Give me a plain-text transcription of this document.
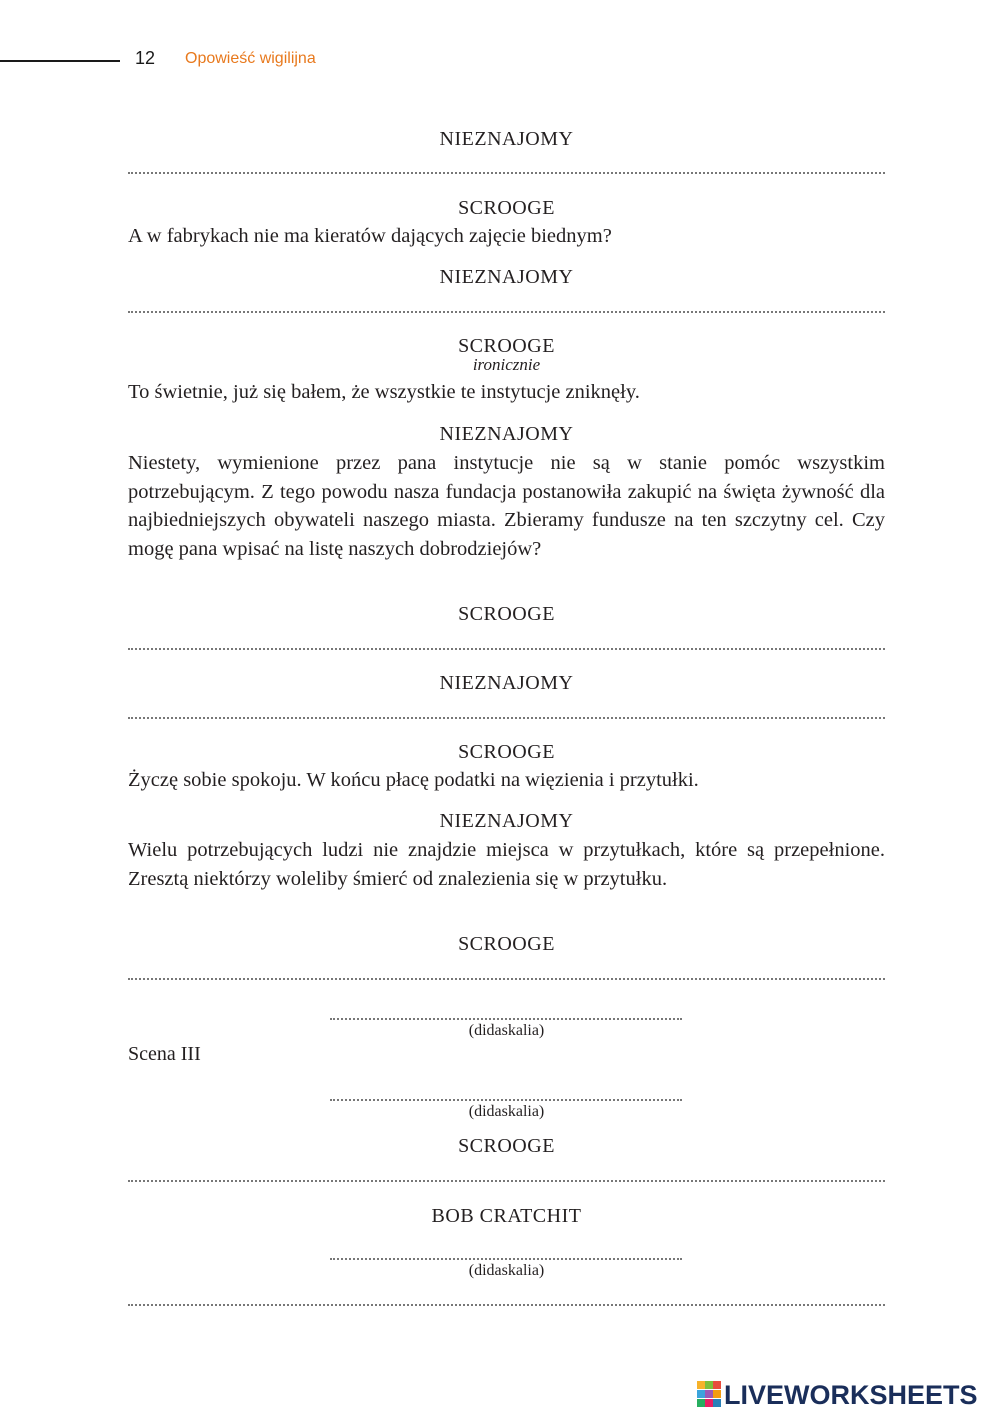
12 Opowieść wigilijna
NIEZNAJOMY
SCROOGE
A w fabrykach nie ma kieratów dających zajęcie biednym?
NIEZNAJOMY
SCROOGE
ironicznie
To świetnie, już się bałem, że wszystkie te instytucje zniknęły.
NIEZNAJOMY
Niestety, wymienione przez pana instytucje nie są w stanie pomóc wszystkim potrzebującym. Z tego powodu nasza fundacja postanowiła zakupić na święta żywność dla najbiedniejszych obywateli naszego miasta. Zbieramy fundusze na ten szczytny cel. Czy mogę pana wpisać na listę naszych dobrodziejów?
SCROOGE
NIEZNAJOMY
SCROOGE
Życzę sobie spokoju. W końcu płacę podatki na więzienia i przytułki.
NIEZNAJOMY
Wielu potrzebujących ludzi nie znajdzie miejsca w przytułkach, które są przepełnione. Zresztą niektórzy woleliby śmierć od znalezienia się w przytułku.
SCROOGE
(didaskalia)
Scena III
(didaskalia)
SCROOGE
BOB CRATCHIT
(didaskalia)
LIVEWORKSHEETS
